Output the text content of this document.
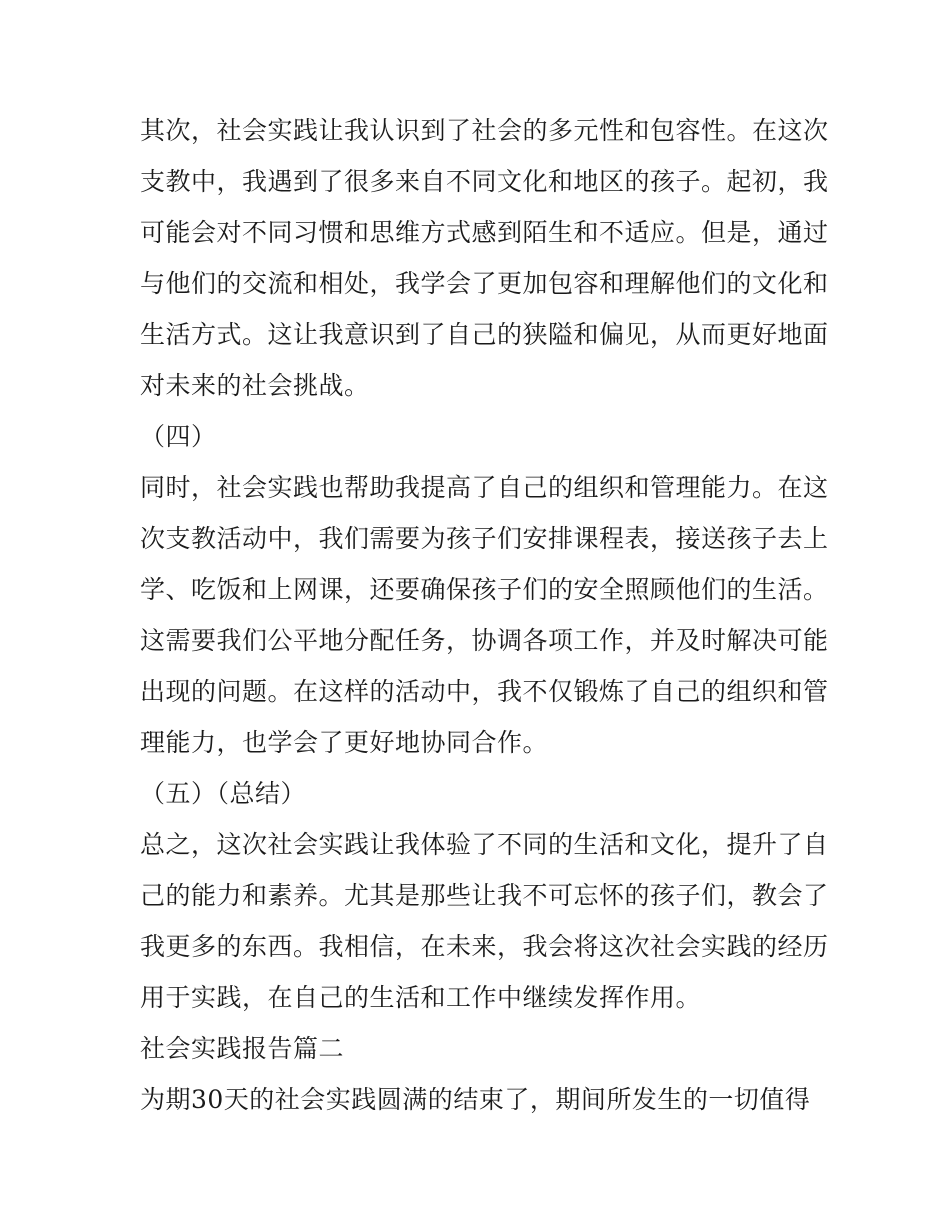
其次，社会实践让我认识到了社会的多元性和包容性。在这次
支教中，我遇到了很多来自不同文化和地区的孩子。起初，我
可能会对不同习惯和思维方式感到陌生和不适应。但是，通过
与他们的交流和相处，我学会了更加包容和理解他们的文化和
生活方式。这让我意识到了自己的狭隘和偏见，从而更好地面
对未来的社会挑战。
（四）
同时，社会实践也帮助我提高了自己的组织和管理能力。在这
次支教活动中，我们需要为孩子们安排课程表，接送孩子去上
学、吃饭和上网课，还要确保孩子们的安全照顾他们的生活。
这需要我们公平地分配任务，协调各项工作，并及时解决可能
出现的问题。在这样的活动中，我不仅锻炼了自己的组织和管
理能力，也学会了更好地协同合作。
（五）（总结）
总之，这次社会实践让我体验了不同的生活和文化，提升了自
己的能力和素养。尤其是那些让我不可忘怀的孩子们，教会了
我更多的东西。我相信，在未来，我会将这次社会实践的经历
用于实践，在自己的生活和工作中继续发挥作用。
社会实践报告篇二
为期30天的社会实践圆满的结束了，期间所发生的一切值得
